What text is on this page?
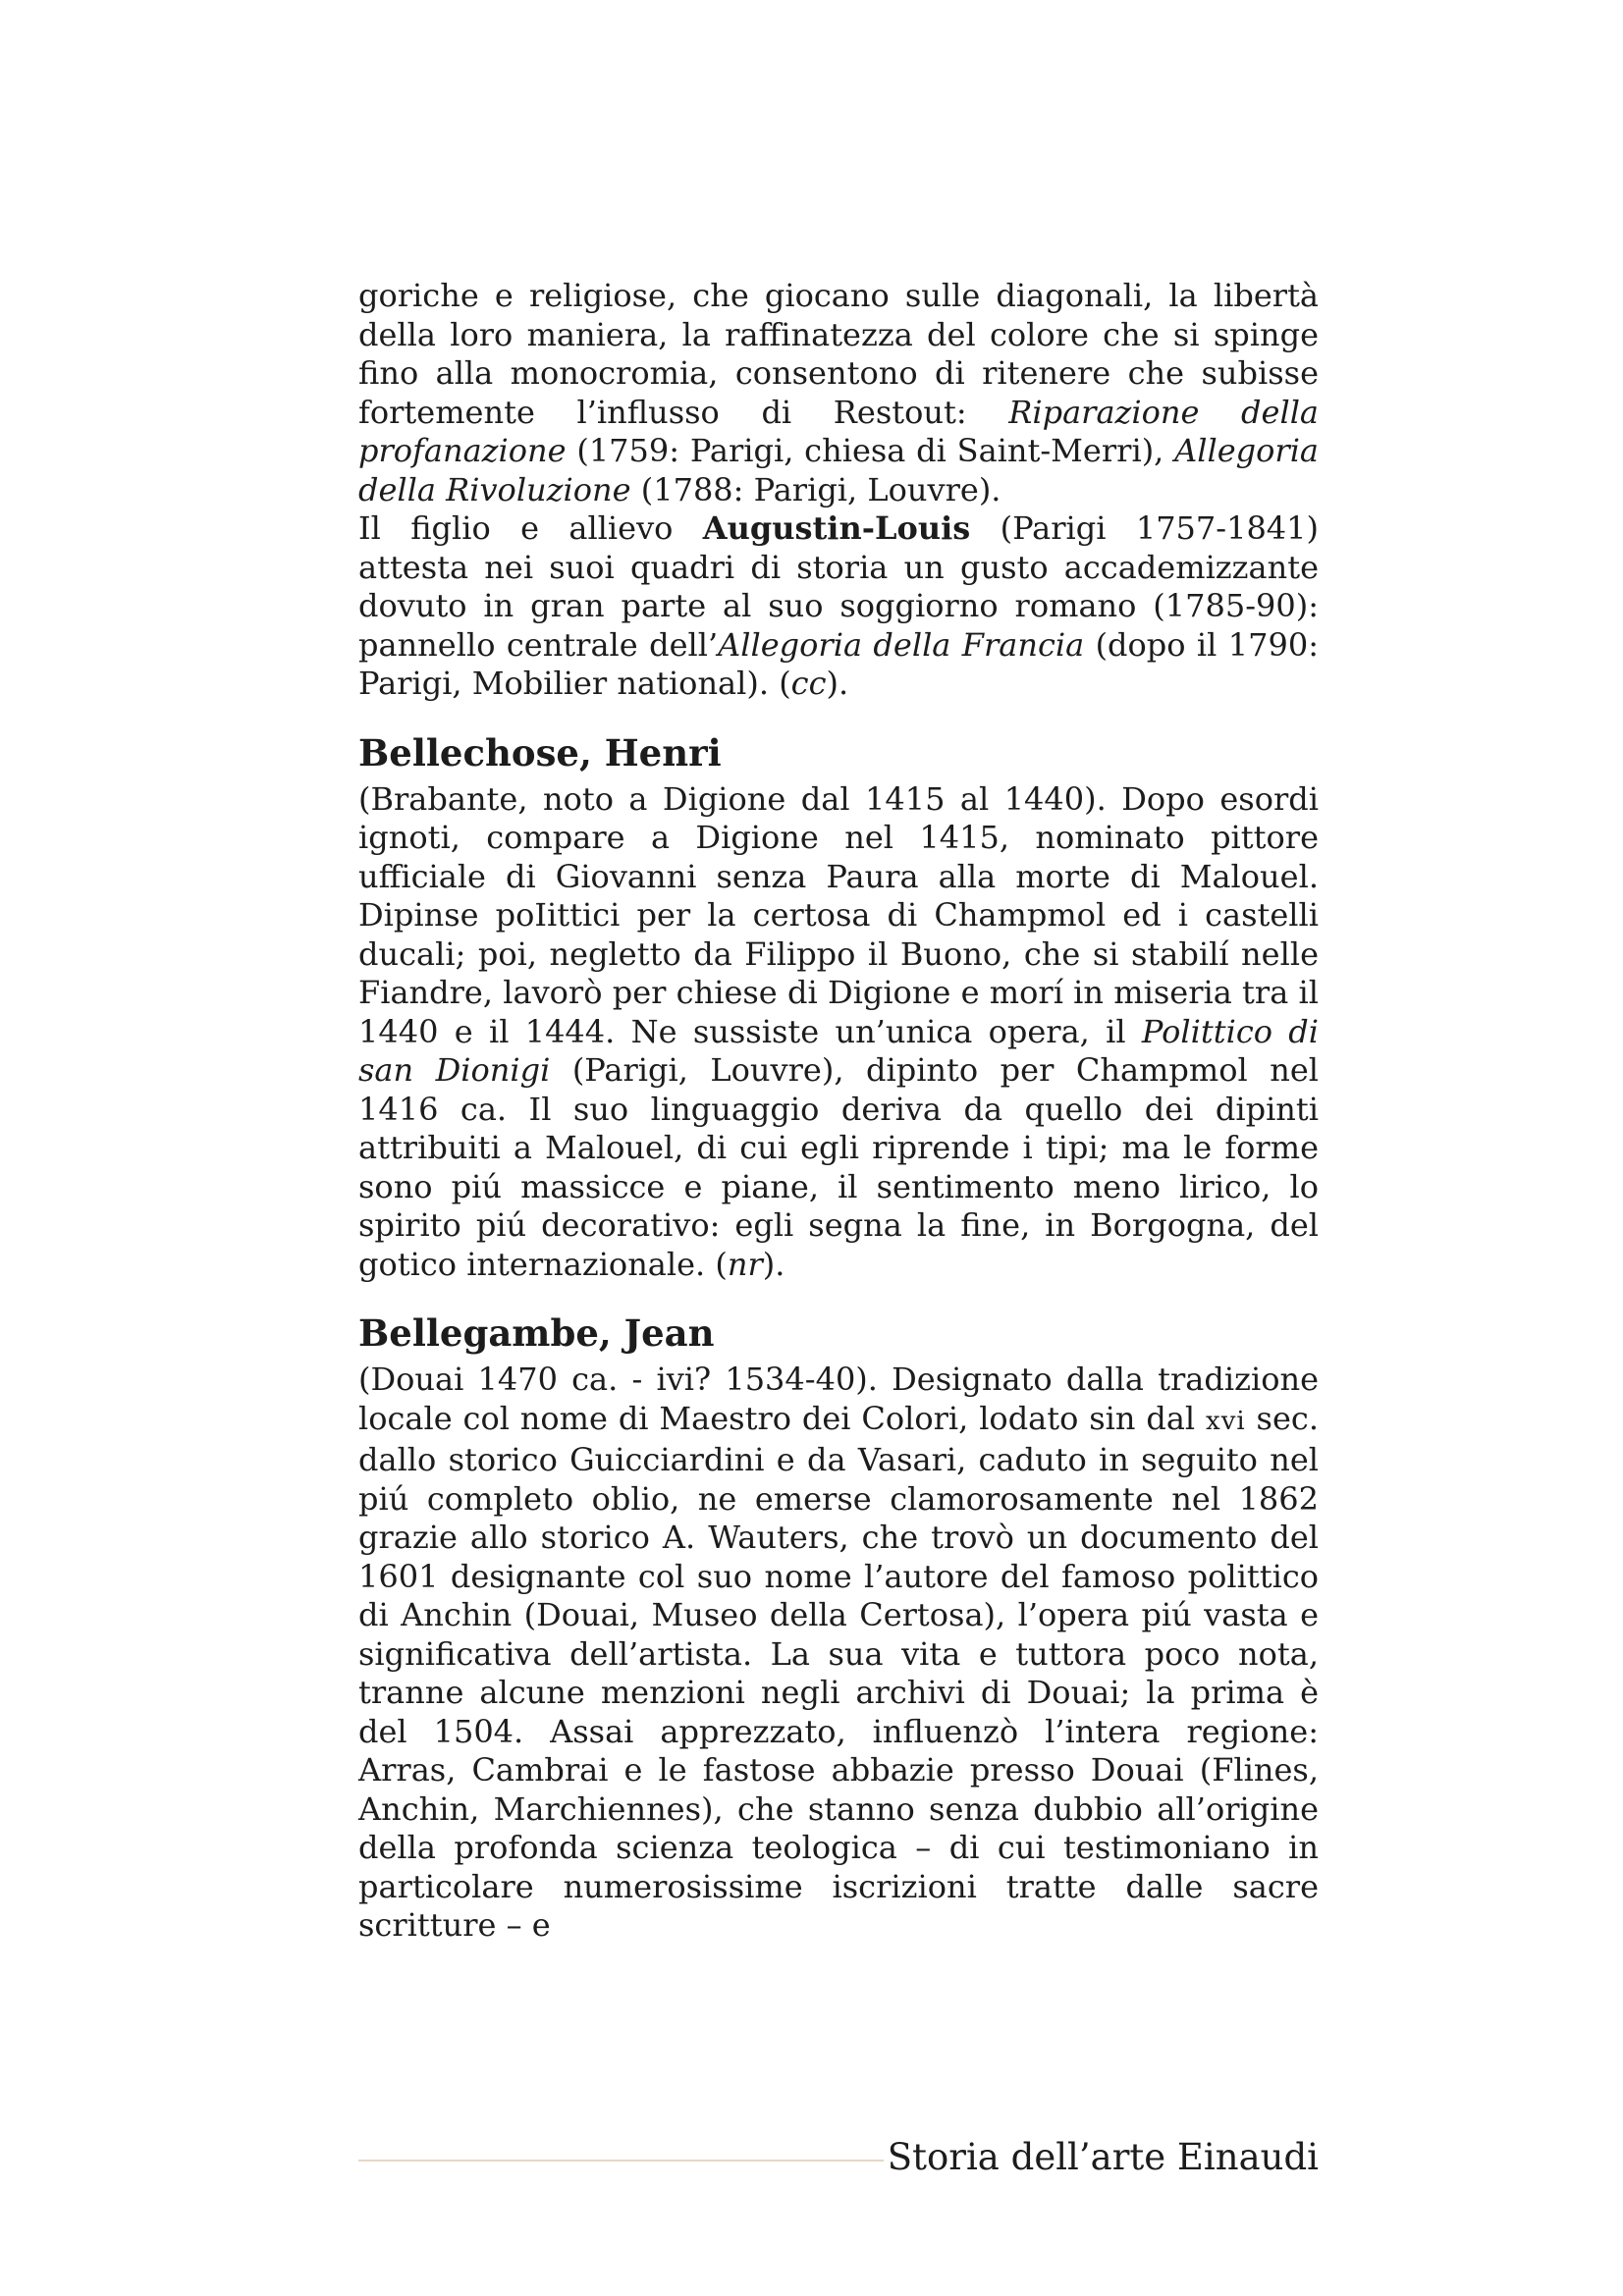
goriche e religiose, che giocano sulle diagonali, la libertà della loro maniera, la raffinatezza del colore che si spinge fino alla monocromia, consentono di ritenere che subisse fortemente l’influsso di Restout: Riparazione della profanazione (1759: Parigi, chiesa di Saint-Merri), Allegoria della Rivoluzione (1788: Parigi, Louvre).

Il figlio e allievo Augustin-Louis (Parigi 1757-1841) attesta nei suoi quadri di storia un gusto accademizzante dovuto in gran parte al suo soggiorno romano (1785-90): pannello centrale dell’Allegoria della Francia (dopo il 1790: Parigi, Mobilier national). (cc).

Bellechose, Henri

(Brabante, noto a Digione dal 1415 al 1440). Dopo esordi ignoti, compare a Digione nel 1415, nominato pittore ufficiale di Giovanni senza Paura alla morte di Malouel. Dipinse poIittici per la certosa di Champmol ed i castelli ducali; poi, negletto da Filippo il Buono, che si stabilí nelle Fiandre, lavorò per chiese di Digione e morí in miseria tra il 1440 e il 1444. Ne sussiste un’unica opera, il Polittico di san Dionigi (Parigi, Louvre), dipinto per Champmol nel 1416 ca. Il suo linguaggio deriva da quello dei dipinti attribuiti a Malouel, di cui egli riprende i tipi; ma le forme sono piú massicce e piane, il sentimento meno lirico, lo spirito piú decorativo: egli segna la fine, in Borgogna, del gotico internazionale. (nr).

Bellegambe, Jean

(Douai 1470 ca. - ivi? 1534-40). Designato dalla tradizione locale col nome di Maestro dei Colori, lodato sin dal xvi sec. dallo storico Guicciardini e da Vasari, caduto in seguito nel piú completo oblio, ne emerse clamorosamente nel 1862 grazie allo storico A. Wauters, che trovò un documento del 1601 designante col suo nome l’autore del famoso polittico di Anchin (Douai, Museo della Certosa), l’opera piú vasta e significativa dell’artista. La sua vita e tuttora poco nota, tranne alcune menzioni negli archivi di Douai; la prima è del 1504. Assai apprezzato, influenzò l’intera regione: Arras, Cambrai e le fastose abbazie presso Douai (Flines, Anchin, Marchiennes), che stanno senza dubbio all’origine della profonda scienza teologica – di cui testimoniano in particolare numerosissime iscrizioni tratte dalle sacre scritture – e

Storia dell’arte Einaudi
